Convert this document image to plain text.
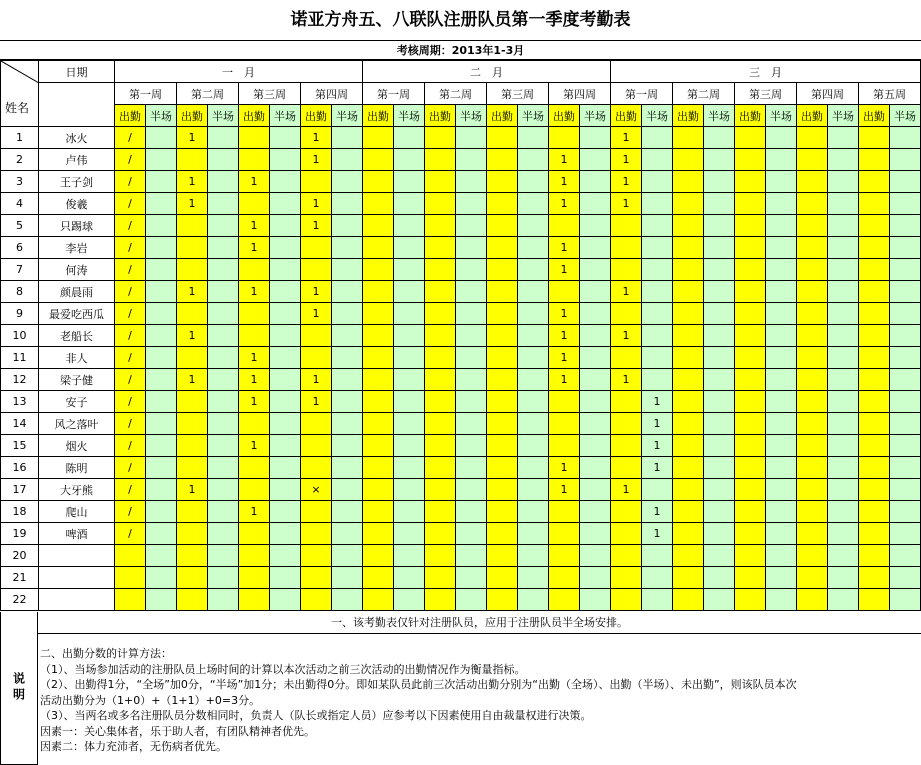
诺亚方舟五、八联队注册队员第一季度考勤表
考核周期：2013年1-3月
姓名	日期	一　月								二　月								三　月									
		第一周		第二周		第三周		第四周		第一周		第二周		第三周		第四周		第一周		第二周		第三周		第四周		第五周	
		出勤	半场	出勤	半场	出勤	半场	出勤	半场	出勤	半场	出勤	半场	出勤	半场	出勤	半场	出勤	半场	出勤	半场	出勤	半场	出勤	半场	出勤	半场
1	冰火	/		1				1										1									
2	卢伟	/						1								1		1									
3	王子剑	/		1		1										1		1									
4	俊羲	/		1				1								1		1									
5	只踢球	/				1		1																			
6	李岩	/				1										1											
7	何涛	/														1											
8	颜晨雨	/		1		1		1										1									
9	最爱吃西瓜	/						1								1											
10	老船长	/		1												1		1									
11	非人	/				1										1											
12	梁子健	/		1		1		1								1		1									
13	安子	/				1		1											1								
14	风之落叶	/																	1								
15	烟火	/				1													1								
16	陈明	/														1			1								
17	大牙熊	/		1				×								1		1									
18	爬山	/				1													1								
19	啤酒	/																	1								
20																											
21																											
22																											
说明
一、该考勤表仅针对注册队员，应用于注册队员半全场安排。
二、出勤分数的计算方法：
（1）、当场参加活动的注册队员上场时间的计算以本次活动之前三次活动的出勤情况作为衡量指标。
（2）、出勤得1分，“全场”加0分，“半场”加1分；未出勤得0分。即如某队员此前三次活动出勤分别为“出勤（全场）、出勤（半场）、未出勤”，则该队员本次
活动出勤分为（1+0）+（1+1）+0=3分。
（3）、当两名或多名注册队员分数相同时，负责人（队长或指定人员）应参考以下因素使用自由裁量权进行决策。
因素一：关心集体者，乐于助人者，有团队精神者优先。
因素二：体力充沛者，无伤病者优先。
